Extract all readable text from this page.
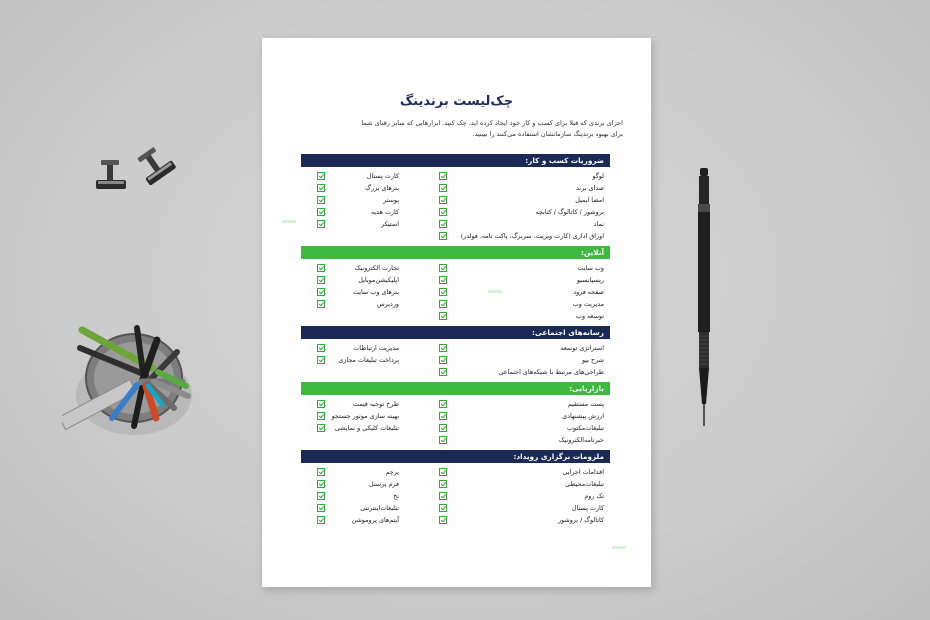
چک‌لیست برندینگ
اجزای برندی که قبلا برای کسب و کار خود ایجاد کرده اید، چک کنید. ابزارهایی که سایر رقبای شما
برای بهبود برندینگ سازمانشان استفاده می‌کنند را ببینید.
ضروریات کسب و کار:
کارت پستال
بنرهای بزرگ
پوستر
کارت هدیه
استیکر
لوگو
صدای برند
امضا ایمیل
بروشور / کاتالوگ / کتابچه
نماد
اوراق اداری (کارت ویزیت، سربرگ، پاکت نامه، فولدر)
آنلاین:
تجارت الکترونیک
اپلیکیشن‌موبایل
بنرهای وب سایت
وردپرس
وب سایت
ریسپانسیو
صفحه فرود
مدیریت وب
توسعه وب
رسانه‌های اجتماعی:
مدیریت ارتباطات
پرداخت تبلیغات مجازی
استراتژی توسعه
شرح بیو
طراحی‌های مرتبط با شبکه‌های اجتماعی
بازاریابی:
طرح توجیه قیمت
بهینه سازی موتور جستجو
تبلیغات کلیکی و نمایشی
پست مستقیم
ارزش پیشنهادی
تبلیغات‌مکتوب
خبرنامه‌الکترونیک
ملزومات برگزاری رویداد:
پرچم
فرم پرسنل
نخ
تبلیغات‌اینترنتی
آیتم‌های پروموشن
اقدامات اجرایی
تبلیغات‌محیطی
تک روم
کارت پستال
کاتالوگ / بروشور
